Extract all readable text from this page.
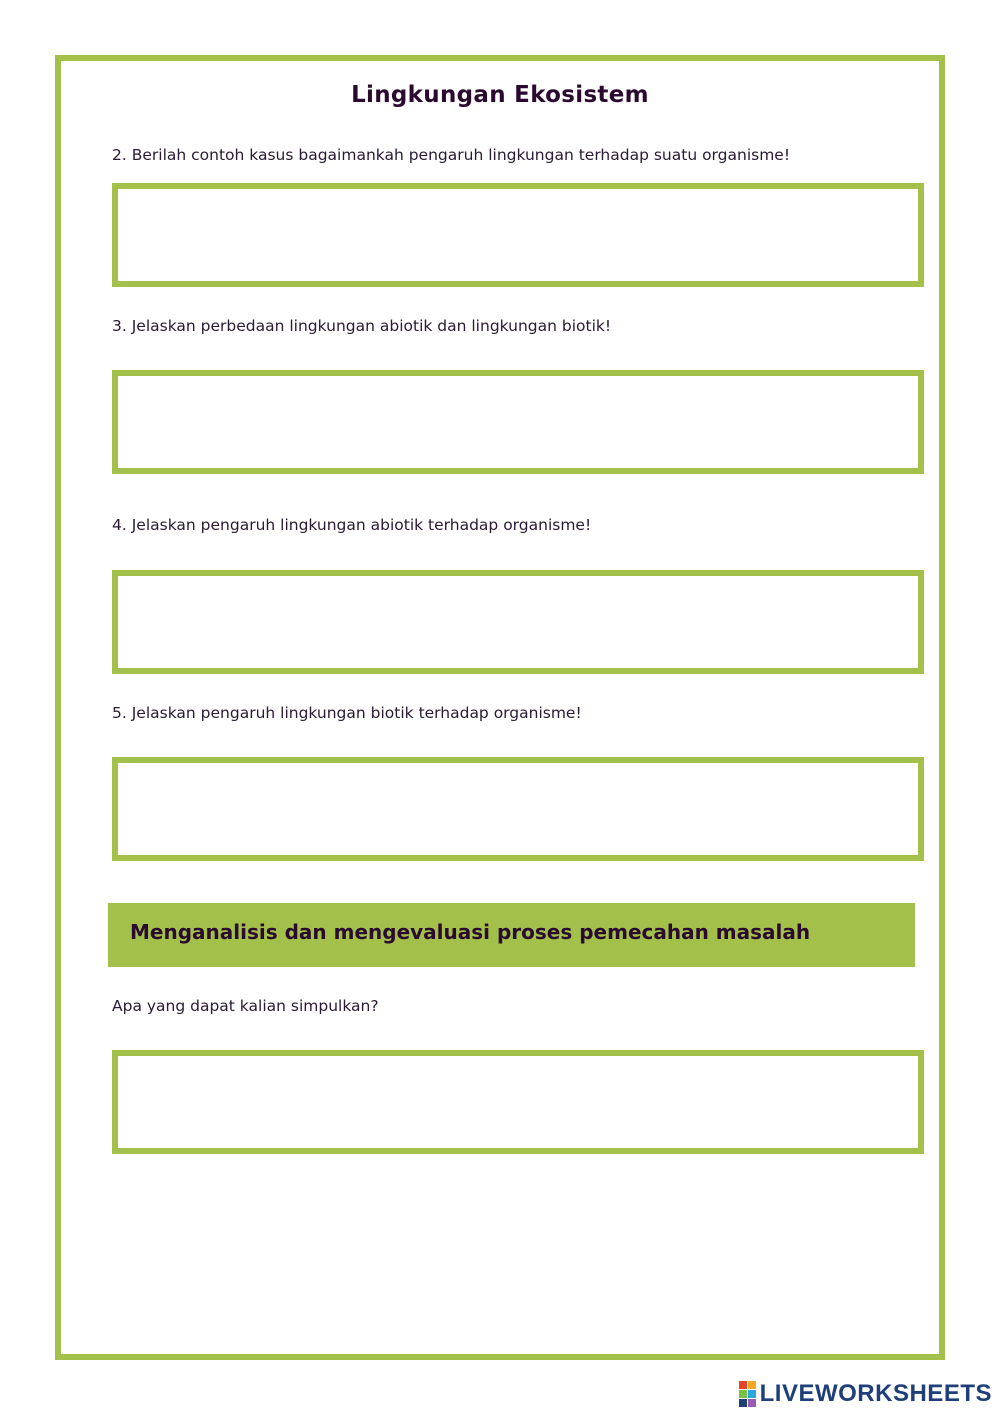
Lingkungan Ekosistem
2. Berilah contoh kasus bagaimankah pengaruh lingkungan terhadap suatu organisme!
3. Jelaskan perbedaan lingkungan abiotik dan lingkungan biotik!
4. Jelaskan pengaruh lingkungan abiotik terhadap organisme!
5. Jelaskan pengaruh lingkungan biotik terhadap organisme!
Menganalisis dan mengevaluasi proses pemecahan masalah
Apa yang dapat kalian simpulkan?
LIVEWORKSHEETS
